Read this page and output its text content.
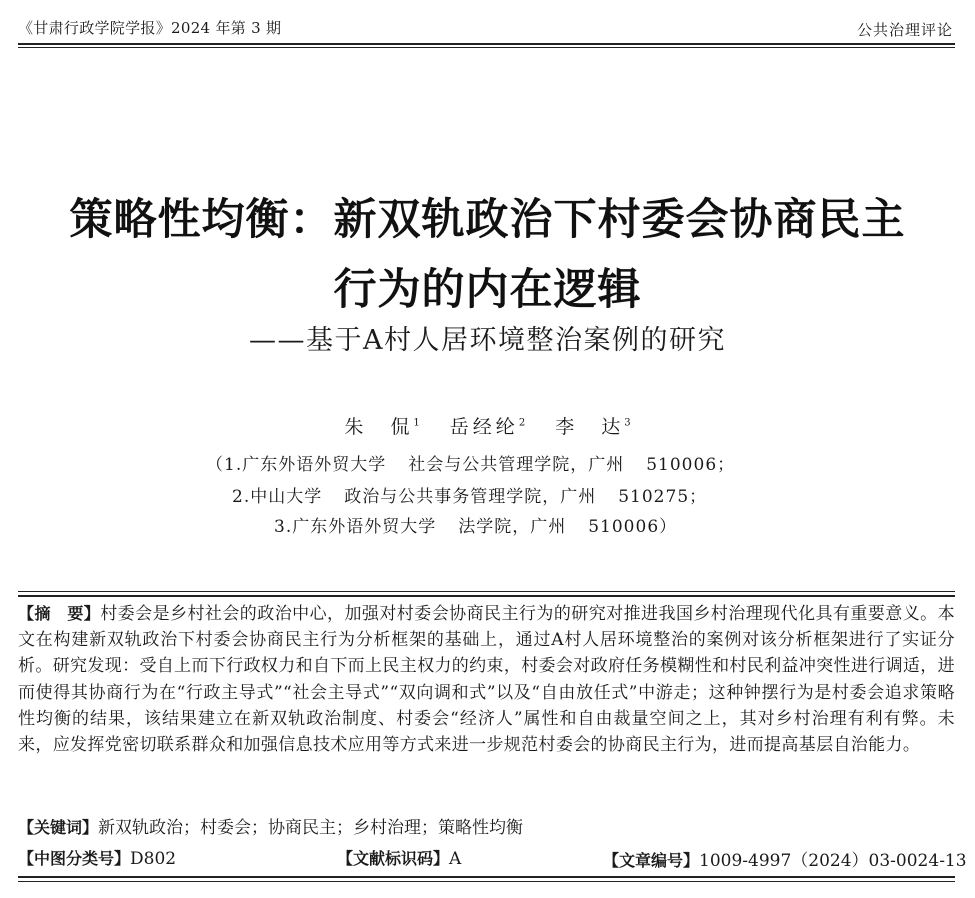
《甘肃行政学院学报》2024 年第 3 期	公共治理评论
策略性均衡：新双轨政治下村委会协商民主
行为的内在逻辑
——基于A村人居环境整治案例的研究
朱　侃$^1$ 岳经纶$^2$ 李　达$^3$
（1.广东外语外贸大学 社会与公共管理学院，广州 510006；
2.中山大学 政治与公共事务管理学院，广州 510275；
3.广东外语外贸大学 法学院，广州 510006）
【摘　要】村委会是乡村社会的政治中心，加强对村委会协商民主行为的研究对推进我国乡村治理现代化具有重要意义。本文在构建新双轨政治下村委会协商民主行为分析框架的基础上，通过A村人居环境整治的案例对该分析框架进行了实证分析。研究发现：受自上而下行政权力和自下而上民主权力的约束，村委会对政府任务模糊性和村民利益冲突性进行调适，进而使得其协商行为在“行政主导式”“社会主导式”“双向调和式”以及“自由放任式”中游走；这种钟摆行为是村委会追求策略性均衡的结果，该结果建立在新双轨政治制度、村委会“经济人”属性和自由裁量空间之上，其对乡村治理有利有弊。未来，应发挥党密切联系群众和加强信息技术应用等方式来进一步规范村委会的协商民主行为，进而提高基层自治能力。
【关键词】新双轨政治；村委会；协商民主；乡村治理；策略性均衡
【中图分类号】D802	【文献标识码】A	【文章编号】1009-4997（2024）03-0024-13
